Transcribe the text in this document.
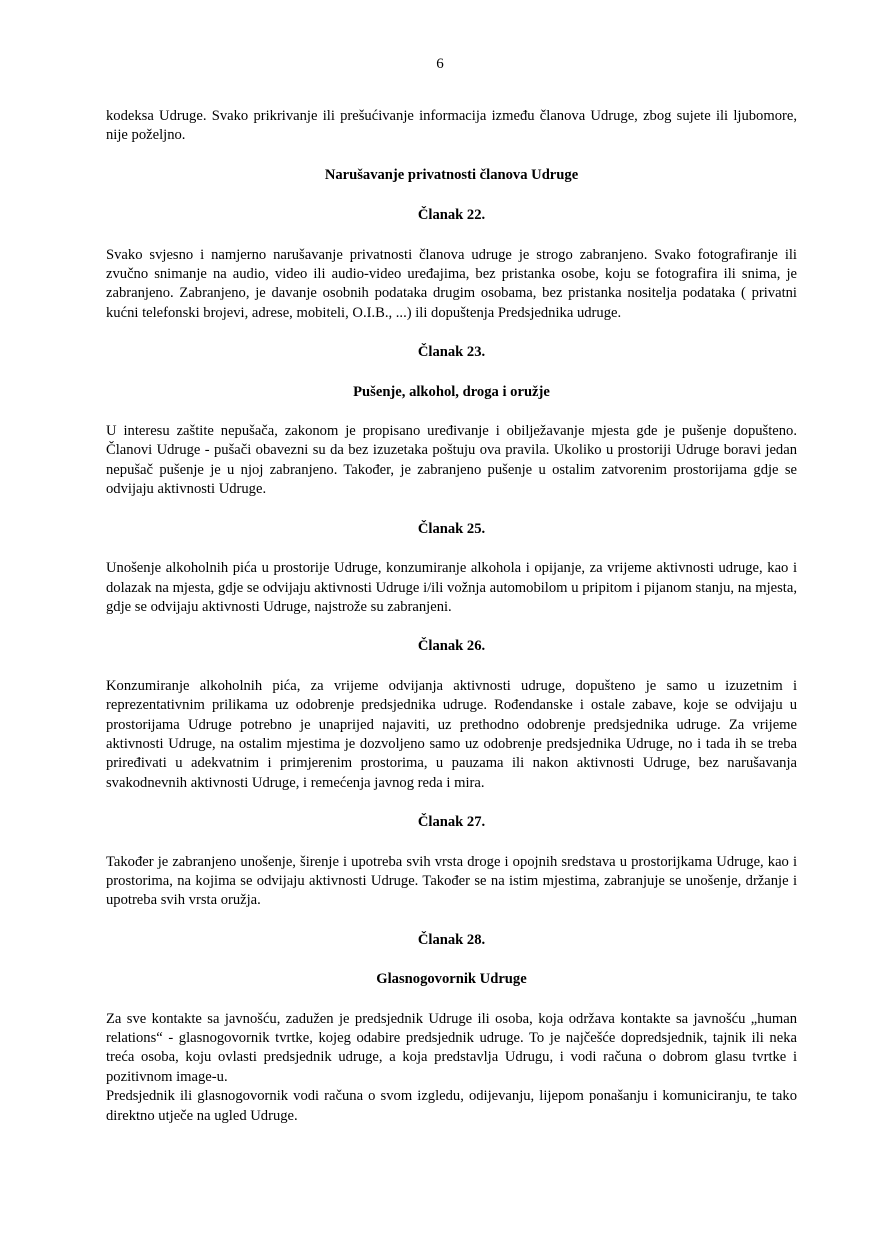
6

kodeksa Udruge. Svako prikrivanje ili prešućivanje informacija između članova Udruge, zbog sujete ili ljubomore, nije poželjno.

Narušavanje privatnosti članova Udruge

Članak 22.

Svako svjesno i namjerno narušavanje privatnosti članova udruge je strogo zabranjeno. Svako fotografiranje ili zvučno snimanje na audio, video ili audio-video uređajima, bez pristanka osobe, koju se fotografira ili snima, je zabranjeno. Zabranjeno, je davanje osobnih podataka drugim osobama, bez pristanka nositelja podataka ( privatni kućni telefonski brojevi, adrese, mobiteli, O.I.B., ...) ili dopuštenja Predsjednika udruge.

Članak 23.

Pušenje, alkohol, droga i oružje

U interesu zaštite nepušača, zakonom je propisano uređivanje i obilježavanje mjesta gde je pušenje dopušteno. Članovi Udruge - pušači obavezni su da bez izuzetaka poštuju ova pravila. Ukoliko u prostoriji Udruge boravi jedan nepušač pušenje je u njoj zabranjeno. Također, je zabranjeno pušenje u ostalim zatvorenim prostorijama gdje se odvijaju aktivnosti Udruge.

Članak 25.

Unošenje alkoholnih pića u prostorije Udruge, konzumiranje alkohola i opijanje, za vrijeme aktivnosti udruge, kao i dolazak na mjesta, gdje se odvijaju aktivnosti Udruge i/ili vožnja automobilom u pripitom i pijanom stanju, na mjesta, gdje se odvijaju aktivnosti Udruge, najstrože su zabranjeni.

Članak 26.

Konzumiranje alkoholnih pića, za vrijeme odvijanja aktivnosti udruge, dopušteno je samo u izuzetnim i reprezentativnim prilikama uz odobrenje predsjednika udruge. Rođendanske i ostale zabave, koje se odvijaju u prostorijama Udruge potrebno je unaprijed najaviti, uz prethodno odobrenje predsjednika udruge. Za vrijeme aktivnosti Udruge, na ostalim mjestima je dozvoljeno samo uz odobrenje predsjednika Udruge, no i tada ih se treba priređivati u adekvatnim i primjerenim prostorima, u pauzama ili nakon aktivnosti Udruge, bez narušavanja svakodnevnih aktivnosti Udruge, i remećenja javnog reda i mira.

Članak 27.

Također je zabranjeno unošenje, širenje i upotreba svih vrsta droge i opojnih sredstava u prostorijkama Udruge, kao i prostorima, na kojima se odvijaju aktivnosti Udruge. Također se na istim mjestima, zabranjuje se unošenje, držanje i upotreba svih vrsta oružja.

Članak 28.

Glasnogovornik Udruge

Za sve kontakte sa javnošću, zadužen je predsjednik Udruge ili osoba, koja održava kontakte sa javnošću „human relations“ - glasnogovornik tvrtke, kojeg odabire predsjednik udruge. To je najčešće dopredsjednik, tajnik ili neka treća osoba, koju ovlasti predsjednik udruge, a koja predstavlja Udrugu, i vodi računa o dobrom glasu tvrtke i pozitivnom image-u.

Predsjednik ili glasnogovornik vodi računa o svom izgledu, odijevanju, lijepom ponašanju i komuniciranju, te tako direktno utječe na ugled Udruge.
